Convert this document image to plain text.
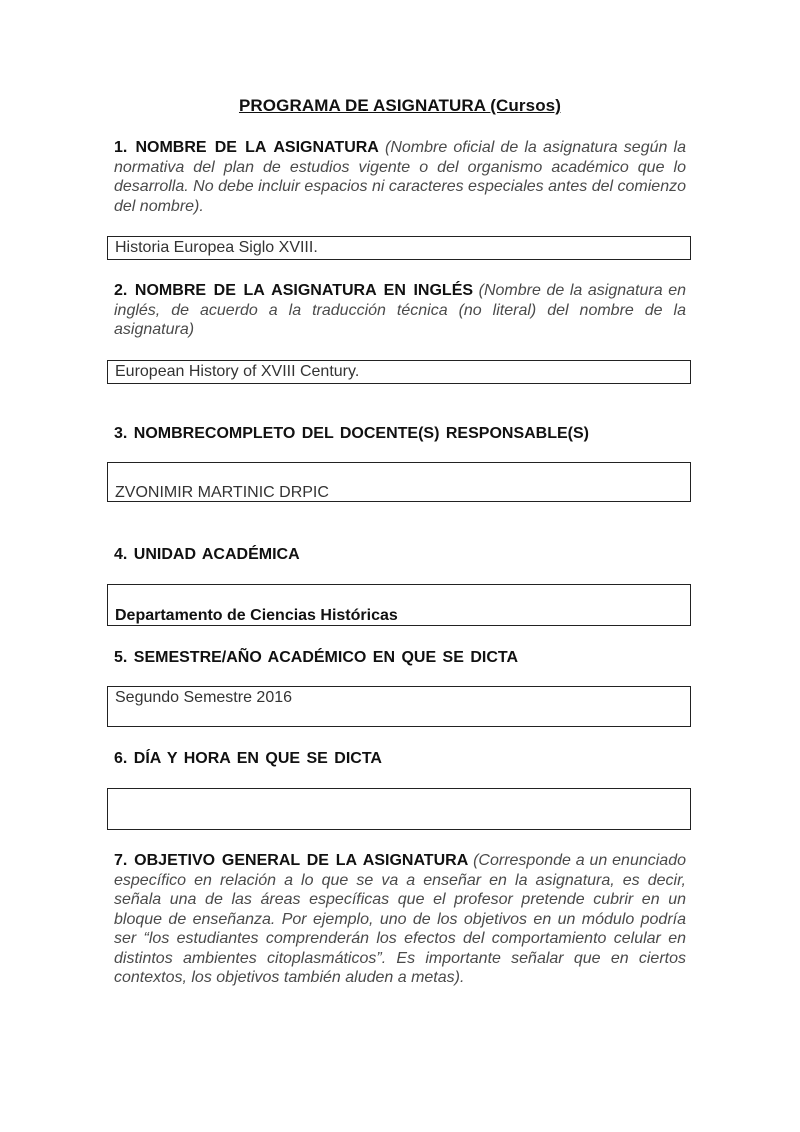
PROGRAMA DE ASIGNATURA (Cursos)

1. NOMBRE DE LA ASIGNATURA (Nombre oficial de la asignatura según la normativa del plan de estudios vigente o del organismo académico que lo desarrolla. No debe incluir espacios ni caracteres especiales antes del comienzo del nombre).

Historia Europea Siglo XVIII.

2. NOMBRE DE LA ASIGNATURA EN INGLÉS (Nombre de la asignatura en inglés, de acuerdo a la traducción técnica (no literal) del nombre de la asignatura)

European History of XVIII Century.

3. NOMBRECOMPLETO DEL DOCENTE(S) RESPONSABLE(S)

ZVONIMIR MARTINIC DRPIC

4. UNIDAD ACADÉMICA

Departamento de Ciencias Históricas

5. SEMESTRE/AÑO ACADÉMICO EN QUE SE DICTA

Segundo Semestre 2016

6. DÍA Y HORA EN QUE SE DICTA

7. OBJETIVO GENERAL DE LA ASIGNATURA (Corresponde a un enunciado específico en relación a lo que se va a enseñar en la asignatura, es decir, señala una de las áreas específicas que el profesor pretende cubrir en un bloque de enseñanza. Por ejemplo, uno de los objetivos en un módulo podría ser “los estudiantes comprenderán los efectos del comportamiento celular en distintos ambientes citoplasmáticos”. Es importante señalar que en ciertos contextos, los objetivos también aluden a metas).
